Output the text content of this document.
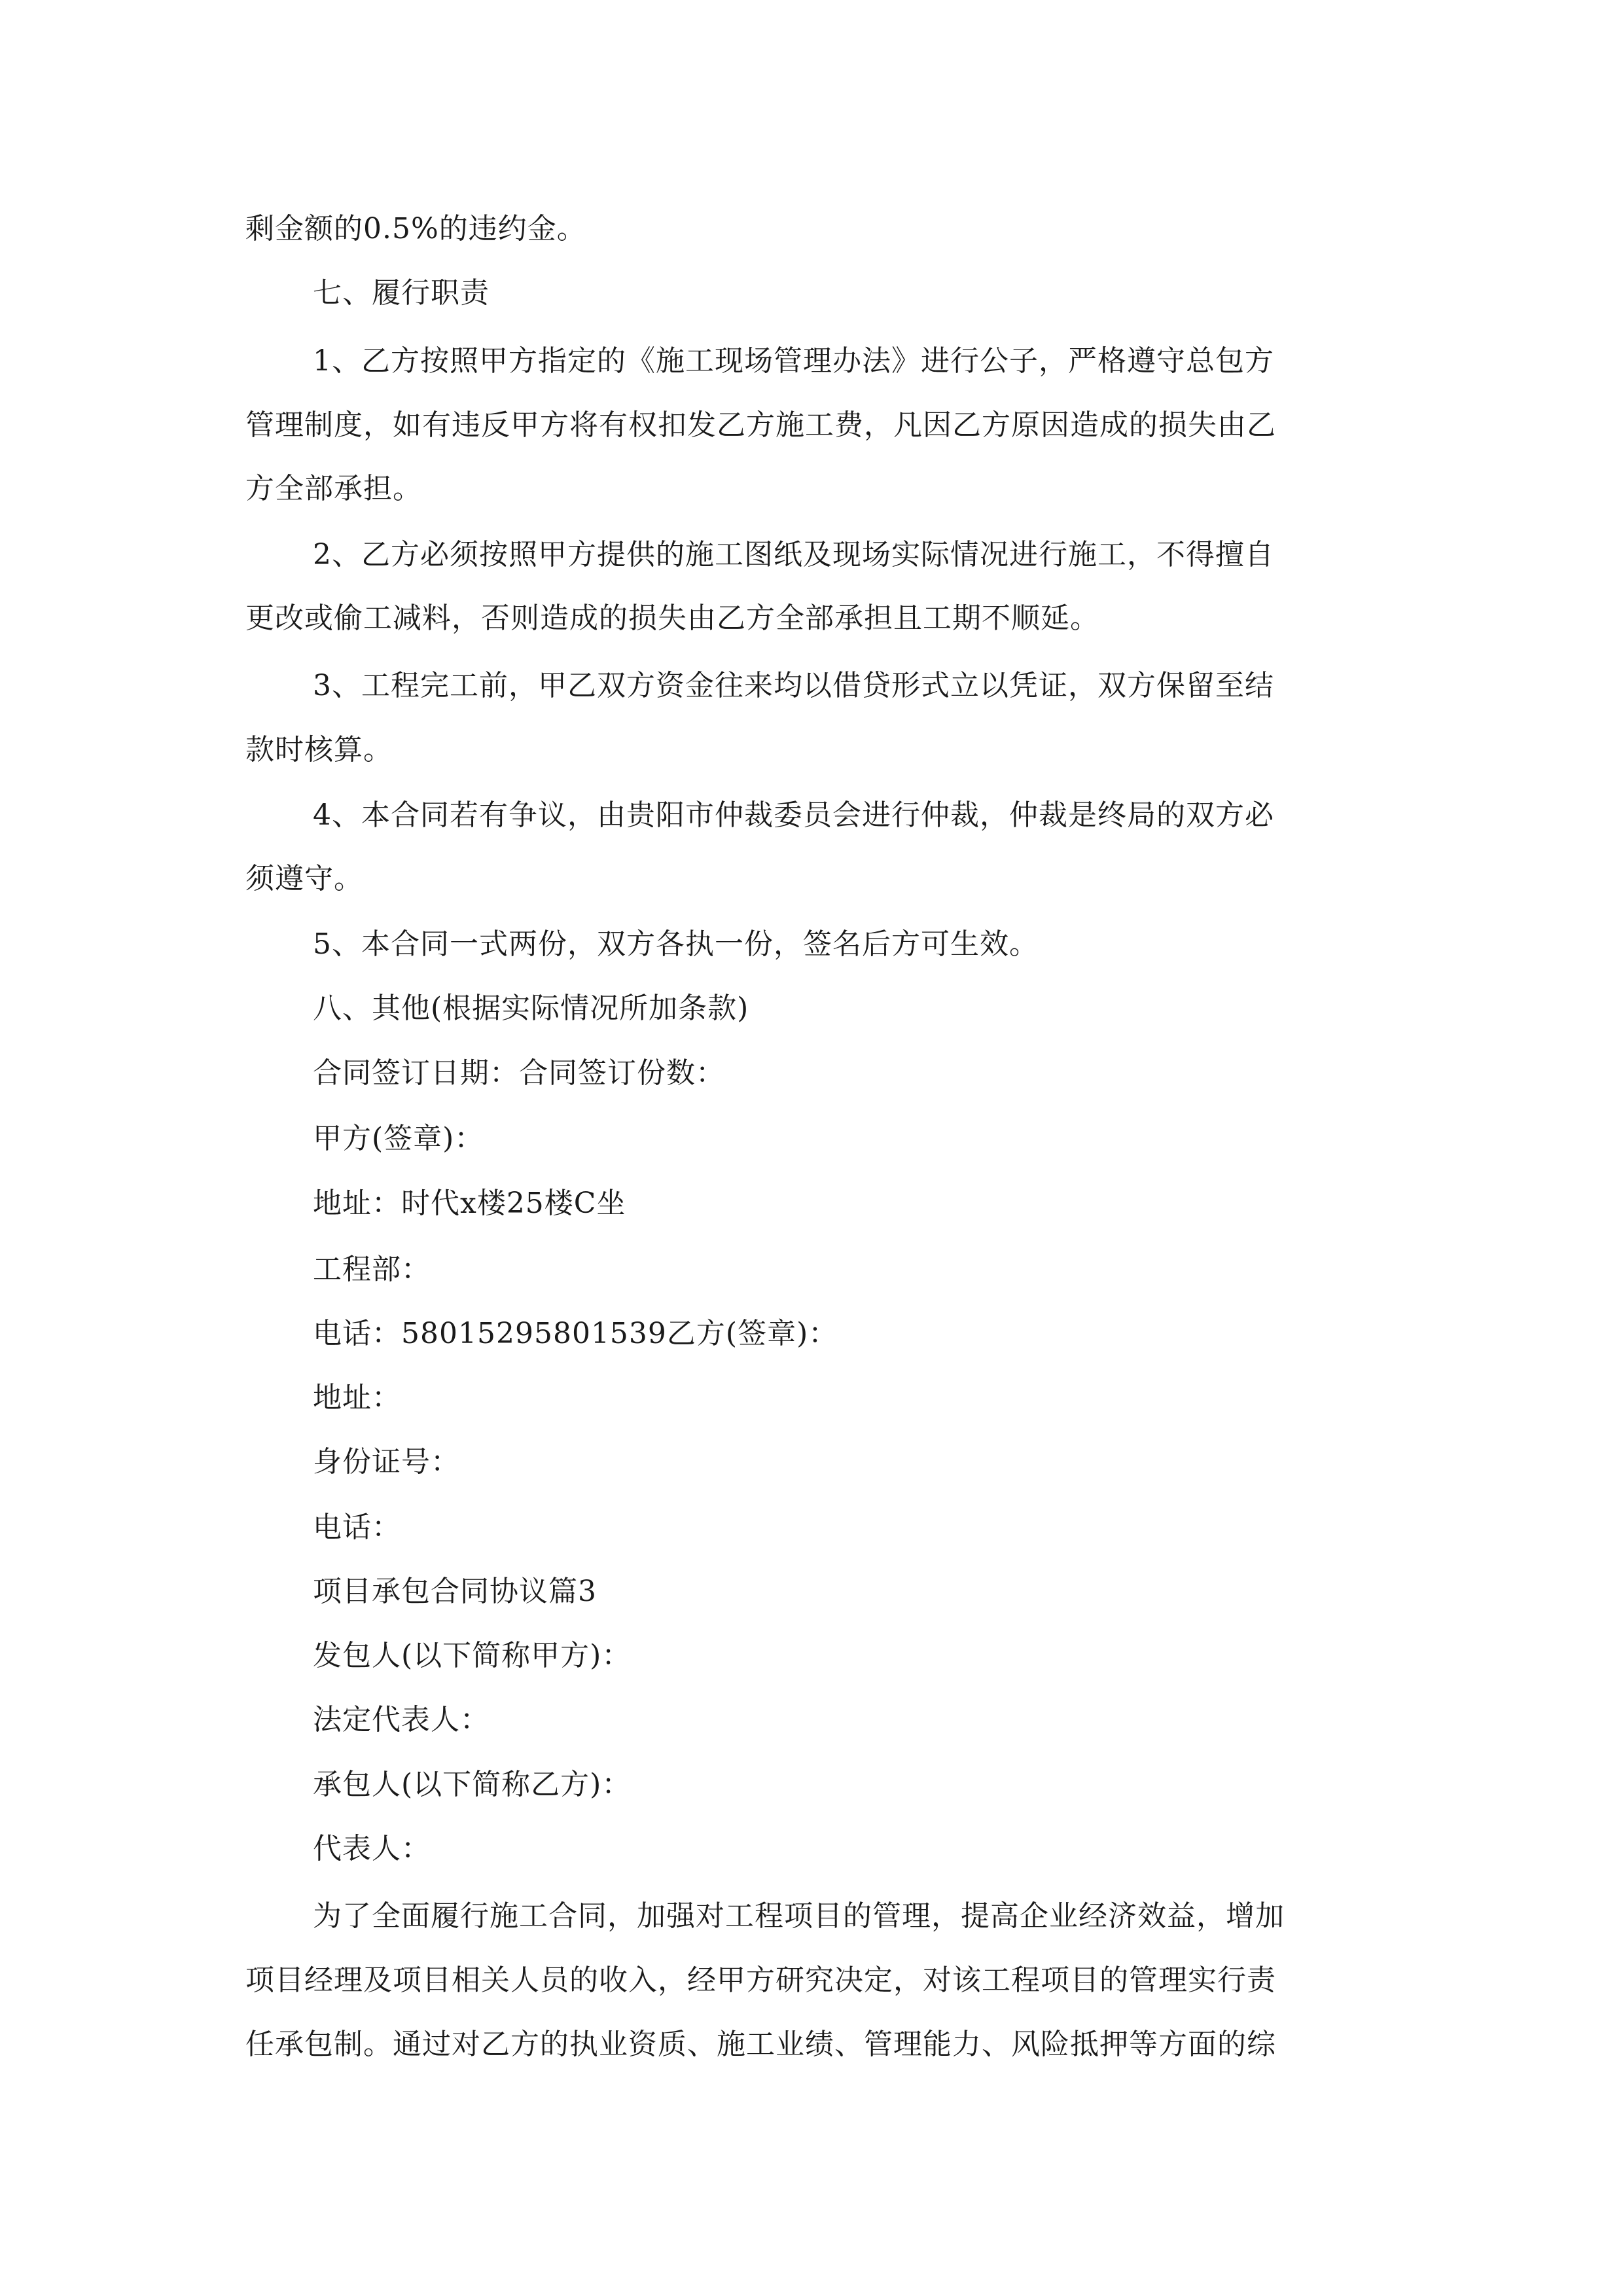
剩金额的0.5%的违约金。
七、履行职责
1、乙方按照甲方指定的《施工现场管理办法》进行公子，严格遵守总包方
管理制度，如有违反甲方将有权扣发乙方施工费，凡因乙方原因造成的损失由乙
方全部承担。
2、乙方必须按照甲方提供的施工图纸及现场实际情况进行施工，不得擅自
更改或偷工减料，否则造成的损失由乙方全部承担且工期不顺延。
3、工程完工前，甲乙双方资金往来均以借贷形式立以凭证，双方保留至结
款时核算。
4、本合同若有争议，由贵阳市仲裁委员会进行仲裁，仲裁是终局的双方必
须遵守。
5、本合同一式两份，双方各执一份，签名后方可生效。
八、其他(根据实际情况所加条款)
合同签订日期：合同签订份数：
甲方(签章)：
地址：时代x楼25楼C坐
工程部：
电话：58015295801539乙方(签章)：
地址：
身份证号：
电话：
项目承包合同协议篇3
发包人(以下简称甲方)：
法定代表人：
承包人(以下简称乙方)：
代表人：
为了全面履行施工合同，加强对工程项目的管理，提高企业经济效益，增加
项目经理及项目相关人员的收入，经甲方研究决定，对该工程项目的管理实行责
任承包制。通过对乙方的执业资质、施工业绩、管理能力、风险抵押等方面的综
